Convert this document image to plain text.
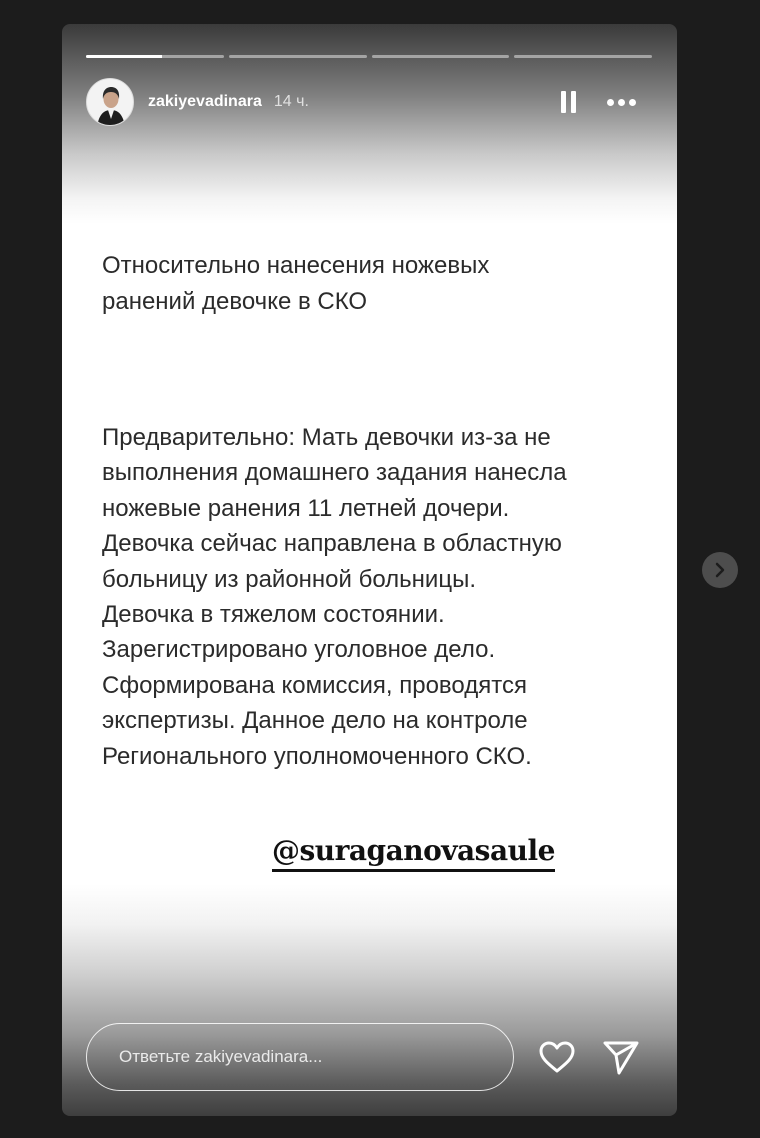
zakiyevadinara 14 ч.
Относительно нанесения ножевых
ранений девочке в СКО
Предварительно: Мать девочки из-за не
выполнения домашнего задания нанесла
ножевые ранения 11 летней дочери.
Девочка сейчас направлена в областную
больницу из районной больницы.
Девочка в тяжелом состоянии.
Зарегистрировано уголовное дело.
Сформирована комиссия, проводятся
экспертизы. Данное дело на контроле
Регионального уполномоченного СКО.
@suraganovasaule
Ответьте zakiyevadinara...
